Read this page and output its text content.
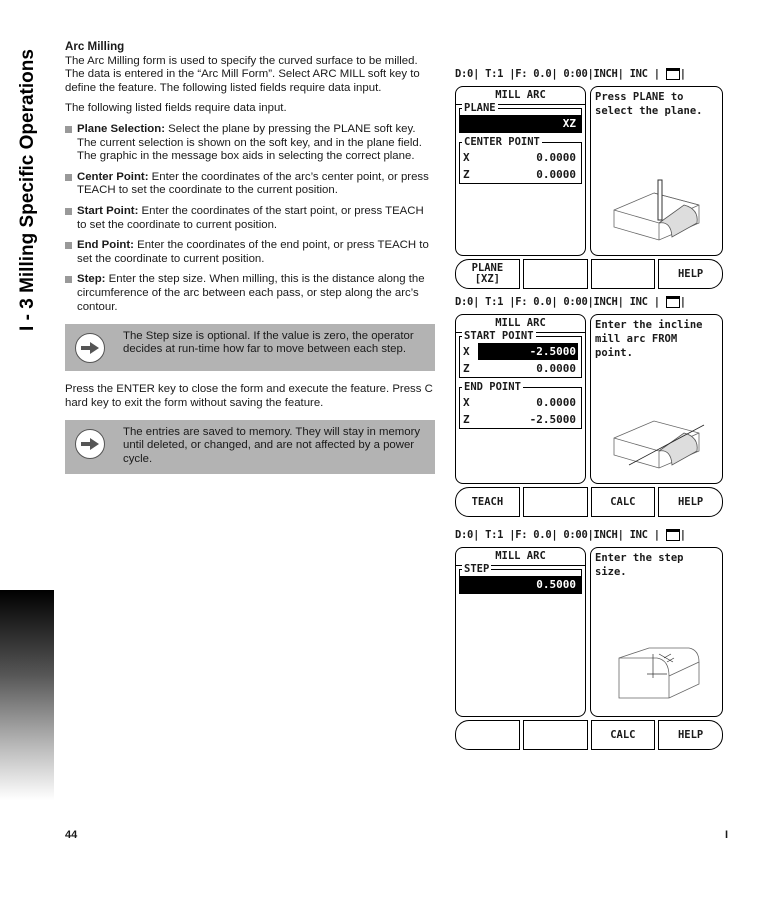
I - 3 Milling Specific Operations
Arc Milling

The Arc Milling form is used to specify the curved surface to be milled. The data is entered in the “Arc Mill Form”. Select ARC MILL soft key to define the feature. The following listed fields require data input.

The following listed fields require data input.

Plane Selection: Select the plane by pressing the PLANE soft key. The current selection is shown on the soft key, and in the plane field. The graphic in the message box aids in selecting the correct plane.
Center Point: Enter the coordinates of the arc’s center point, or press TEACH to set the coordinate to the current position.
Start Point: Enter the coordinates of the start point, or press TEACH to set the coordinate to current position.
End Point: Enter the coordinates of the end point, or press TEACH to set the coordinate to current position.
Step: Enter the step size. When milling, this is the distance along the circumference of the arc between each pass, or step along the arc’s contour.
The Step size is optional. If the value is zero, the operator decides at run-time how far to move between each step.

Press the ENTER key to close the form and execute the feature. Press C hard key to exit the form without saving the feature.

The entries are saved to memory. They will stay in memory until deleted, or changed, and are not affected by a power cycle.
D:0| T:1 |F: 0.0| 0:00|INCH| INC | |
MILL ARC
PLANE
XZ
CENTER POINT
X	0.0000
Z	0.0000
Press PLANE to select the plane.
PLANE
[XZ]	HELP
D:0| T:1 |F: 0.0| 0:00|INCH| INC | |
MILL ARC
START POINT
X	-2.5000
Z	0.0000
END POINT
X	0.0000
Z	-2.5000
Enter the incline mill arc FROM point.
TEACH	CALC	HELP
D:0| T:1 |F: 0.0| 0:00|INCH| INC | |
MILL ARC
STEP
0.5000
Enter the step size.
CALC	HELP
44	I
